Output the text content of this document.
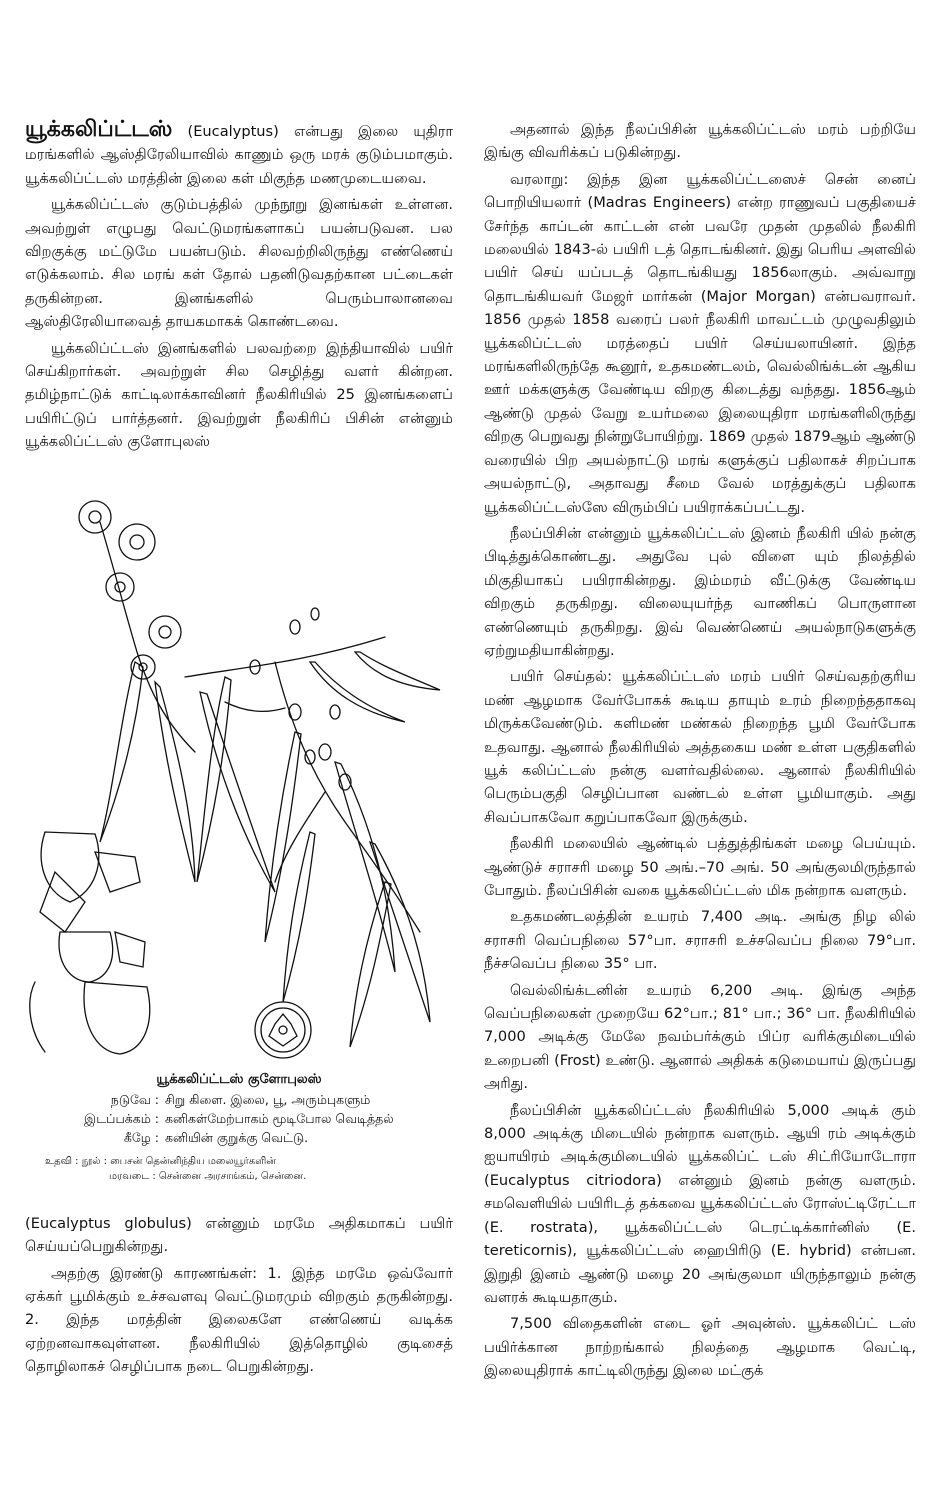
யூக்கலிப்ட்டஸ் (Eucalyptus) என்பது இலை யுதிரா மரங்களில் ஆஸ்திரேலியாவில் காணும் ஒரு மரக் குடும்பமாகும். யூக்கலிப்ட்டஸ் மரத்தின் இலை கள் மிகுந்த மணமுடையவை.

யூக்கலிப்ட்டஸ் குடும்பத்தில் முந்நூறு இனங்கள் உள்ளன. அவற்றுள் எழுபது வெட்டுமரங்களாகப் பயன்படுவன. பல விறகுக்கு மட்டுமே பயன்படும். சிலவற்றிலிருந்து எண்ணெய் எடுக்கலாம். சில மரங் கள் தோல் பதனிடுவதற்கான பட்டைகள் தருகின்றன. இனங்களில் பெரும்பாலானவை ஆஸ்திரேலியாவைத் தாயகமாகக் கொண்டவை.

யூக்கலிப்ட்டஸ் இனங்களில் பலவற்றை இந்தியாவில் பயிர் செய்கிறார்கள். அவற்றுள் சில செழித்து வளர் கின்றன. தமிழ்நாட்டுக் காட்டிலாக்காவினர் நீலகிரியில் 25 இனங்களைப் பயிரிட்டுப் பார்த்தனர். இவற்றுள் நீலகிரிப் பிசின் என்னும் யூக்கலிப்ட்டஸ் குளோபுலஸ்

யூக்கலிப்ட்டஸ் குளோபுலஸ்
நடுவே : சிறு கிளை. இலை, பூ, அரும்புகளும்
இடப்பக்கம் : கனிகள்மேற்பாகம் மூடிபோல வெடித்தல்
கீழே : கனியின் குறுக்கு வெட்டு.
உதவி : நூல் : பைசன் தென்னிந்திய மலையூர்களின்
மரவடை : சென்னை அரசாங்கம், சென்னை.

(Eucalyptus globulus) என்னும் மரமே அதிகமாகப் பயிர் செய்யப்பெறுகின்றது.

அதற்கு இரண்டு காரணங்கள்: 1. இந்த மரமே ஒவ்வோர் ஏக்கர் பூமிக்கும் உச்சவளவு வெட்டுமரமும் விறகும் தருகின்றது. 2. இந்த மரத்தின் இலைகளே எண்ணெய் வடிக்க ஏற்றனவாகவுள்ளன. நீலகிரியில் இத்தொழில் குடிசைத் தொழிலாகச் செழிப்பாக நடை பெறுகின்றது.

அதனால் இந்த நீலப்பிசின் யூக்கலிப்ட்டஸ் மரம் பற்றியே இங்கு விவரிக்கப் படுகின்றது.

வரலாறு: இந்த இன யூக்கலிப்ட்டஸைச் சென் னைப் பொறியியலார் (Madras Engineers) என்ற ராணுவப் பகுதியைச் சேர்ந்த காப்டன் காட்டன் என் பவரே முதன் முதலில் நீலகிரி மலையில் 1843-ல் பயிரி டத் தொடங்கினர். இது பெரிய அளவில் பயிர் செய் யப்படத் தொடங்கியது 1856லாகும். அவ்வாறு தொடங்கியவர் மேஜர் மார்கன் (Major Morgan) என்பவராவர். 1856 முதல் 1858 வரைப் பலர் நீலகிரி மாவட்டம் முழுவதிலும் யூக்கலிப்ட்டஸ் மரத்தைப் பயிர் செய்யலாயினர். இந்த மரங்களிலிருந்தே கூனூர், உதகமண்டலம், வெல்லிங்க்டன் ஆகிய ஊர் மக்களுக்கு வேண்டிய விறகு கிடைத்து வந்தது. 1856ஆம் ஆண்டு முதல் வேறு உயர்மலை இலையுதிரா மரங்களிலிருந்து விறகு பெறுவது நின்றுபோயிற்று. 1869 முதல் 1879ஆம் ஆண்டு வரையில் பிற அயல்நாட்டு மரங் களுக்குப் பதிலாகச் சிறப்பாக அயல்நாட்டு, அதாவது சீமை வேல் மரத்துக்குப் பதிலாக யூக்கலிப்ட்டஸ்ஸே விரும்பிப் பயிராக்கப்பட்டது.

நீலப்பிசின் என்னும் யூக்கலிப்ட்டஸ் இனம் நீலகிரி யில் நன்கு பிடித்துக்கொண்டது. அதுவே புல் விளை யும் நிலத்தில் மிகுதியாகப் பயிராகின்றது. இம்மரம் வீட்டுக்கு வேண்டிய விறகும் தருகிறது. விலையுயர்ந்த வாணிகப் பொருளான எண்ணெயும் தருகிறது. இவ் வெண்ணெய் அயல்நாடுகளுக்கு ஏற்றுமதியாகின்றது.

பயிர் செய்தல்: யூக்கலிப்ட்டஸ் மரம் பயிர் செய்வதற்குரிய மண் ஆழமாக வேர்போகக் கூடிய தாயும் உரம் நிறைந்ததாகவு மிருக்கவேண்டும். களிமண் மண்கல் நிறைந்த பூமி வேர்போக உதவாது. ஆனால் நீலகிரியில் அத்தகைய மண் உள்ள பகுதிகளில் யூக் கலிப்ட்டஸ் நன்கு வளர்வதில்லை. ஆனால் நீலகிரியில் பெரும்பகுதி செழிப்பான வண்டல் உள்ள பூமியாகும். அது சிவப்பாகவோ கறுப்பாகவோ இருக்கும்.

நீலகிரி மலையில் ஆண்டில் பத்துத்திங்கள் மழை பெய்யும். ஆண்டுச் சராசரி மழை 50 அங்.–70 அங். 50 அங்குலமிருந்தால் போதும். நீலப்பிசின் வகை யூக்கலிப்ட்டஸ் மிக நன்றாக வளரும்.

உதகமண்டலத்தின் உயரம் 7,400 அடி. அங்கு நிழ லில் சராசரி வெப்பநிலை 57°பா. சராசரி உச்சவெப்ப நிலை 79°பா. நீச்சவெப்ப நிலை 35° பா.

வெல்லிங்க்டனின் உயரம் 6,200 அடி. இங்கு அந்த வெப்பநிலைகள் முறையே 62°பா.; 81° பா.; 36° பா. நீலகிரியில் 7,000 அடிக்கு மேலே நவம்பர்க்கும் பிப்ர வரிக்குமிடையில் உறைபனி (Frost) உண்டு. ஆனால் அதிகக் கடுமையாய் இருப்பது அரிது.

நீலப்பிசின் யூக்கலிப்ட்டஸ் நீலகிரியில் 5,000 அடிக் கும் 8,000 அடிக்கு மிடையில் நன்றாக வளரும். ஆயி ரம் அடிக்கும் ஐயாயிரம் அடிக்குமிடையில் யூக்கலிப்ட் டஸ் சிட்ரியோடோரா (Eucalyptus citriodora) என்னும் இனம் நன்கு வளரும். சமவெளியில் பயிரிடத் தக்கவை யூக்கலிப்ட்டஸ் ரோஸ்ட்டிரேட்டா (E. rostrata), யூக்கலிப்ட்டஸ் டெரட்டிக்கார்னிஸ் (E. tereticornis), யூக்கலிப்ட்டஸ் ஹைபிரிடு (E. hybrid) என்பன. இறுதி இனம் ஆண்டு மழை 20 அங்குலமா யிருந்தாலும் நன்கு வளரக் கூடியதாகும்.

7,500 விதைகளின் எடை ஓர் அவுன்ஸ். யூக்கலிப்ட் டஸ் பயிர்க்கான நாற்றங்கால் நிலத்தை ஆழமாக வெட்டி, இலையுதிராக் காட்டிலிருந்து இலை மட்குக்
